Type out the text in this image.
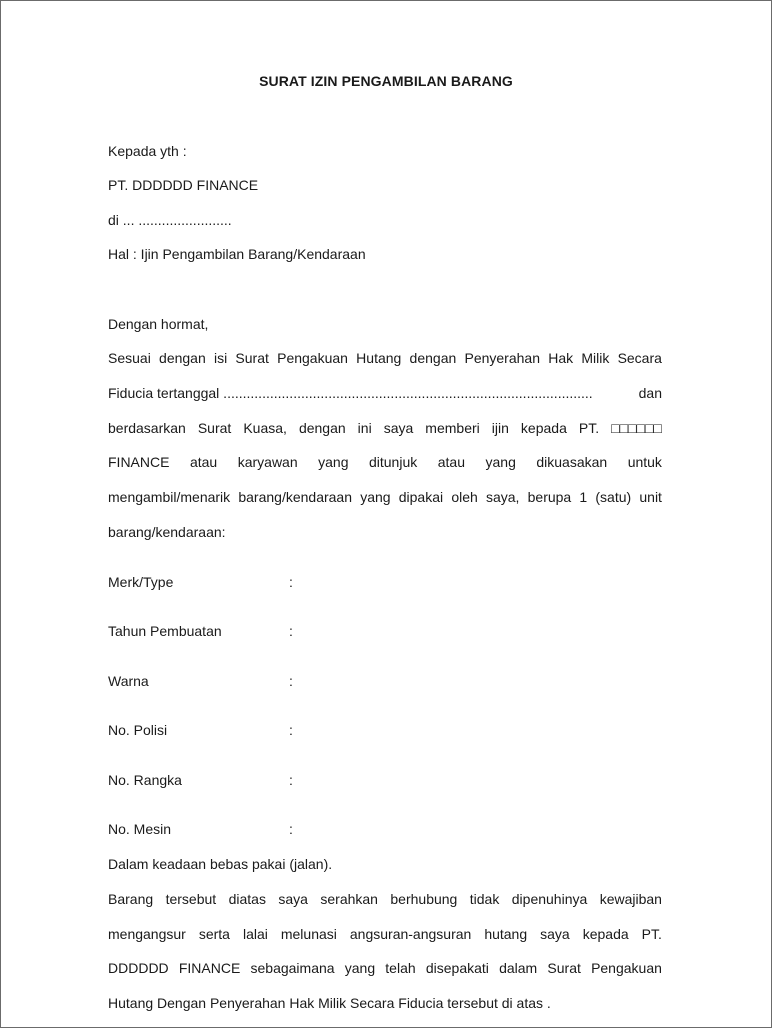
SURAT IZIN PENGAMBILAN BARANG
Kepada yth :
PT. DDDDDD FINANCE
di ... ........................
Hal : Ijin Pengambilan Barang/Kendaraan
Dengan hormat,
Sesuai dengan isi Surat Pengakuan Hutang dengan Penyerahan Hak Milik Secara
Fiducia tertanggal ...............................................................................................	dan
berdasarkan Surat Kuasa, dengan ini saya memberi ijin kepada PT. □□□□□□
FINANCE atau karyawan yang ditunjuk atau yang dikuasakan untuk
mengambil/menarik barang/kendaraan yang dipakai oleh saya, berupa 1 (satu) unit
barang/kendaraan:
Merk/Type	:
Tahun Pembuatan	:
Warna	:
No. Polisi	:
No. Rangka	:
No. Mesin	:
Dalam keadaan bebas pakai (jalan).
Barang tersebut diatas saya serahkan berhubung tidak dipenuhinya kewajiban
mengangsur serta lalai melunasi angsuran-angsuran hutang saya kepada PT.
DDDDDD FINANCE sebagaimana yang telah disepakati dalam Surat Pengakuan
Hutang Dengan Penyerahan Hak Milik Secara Fiducia tersebut di atas .
